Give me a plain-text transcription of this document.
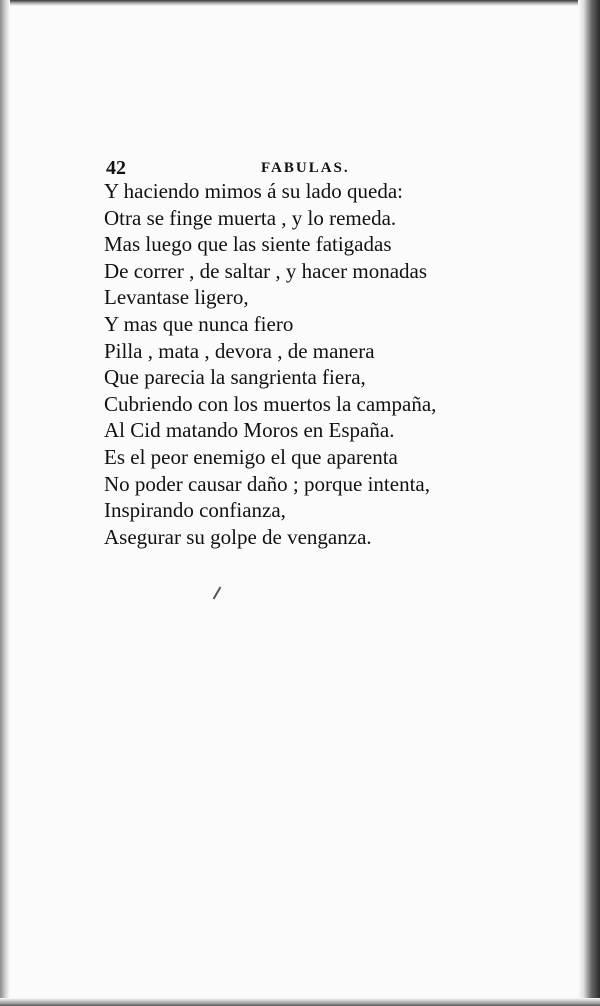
42	FABULAS.
Y haciendo mimos á su lado queda:
Otra se finge muerta , y lo remeda.
Mas luego que las siente fatigadas
De correr , de saltar , y hacer monadas
Levantase ligero,
Y mas que nunca fiero
Pilla , mata , devora , de manera
Que parecia la sangrienta fiera,
Cubriendo con los muertos la campaña,
Al Cid matando Moros en España.
Es el peor enemigo el que aparenta
No poder causar daño ; porque intenta,
Inspirando confianza,
Asegurar su golpe de venganza.
